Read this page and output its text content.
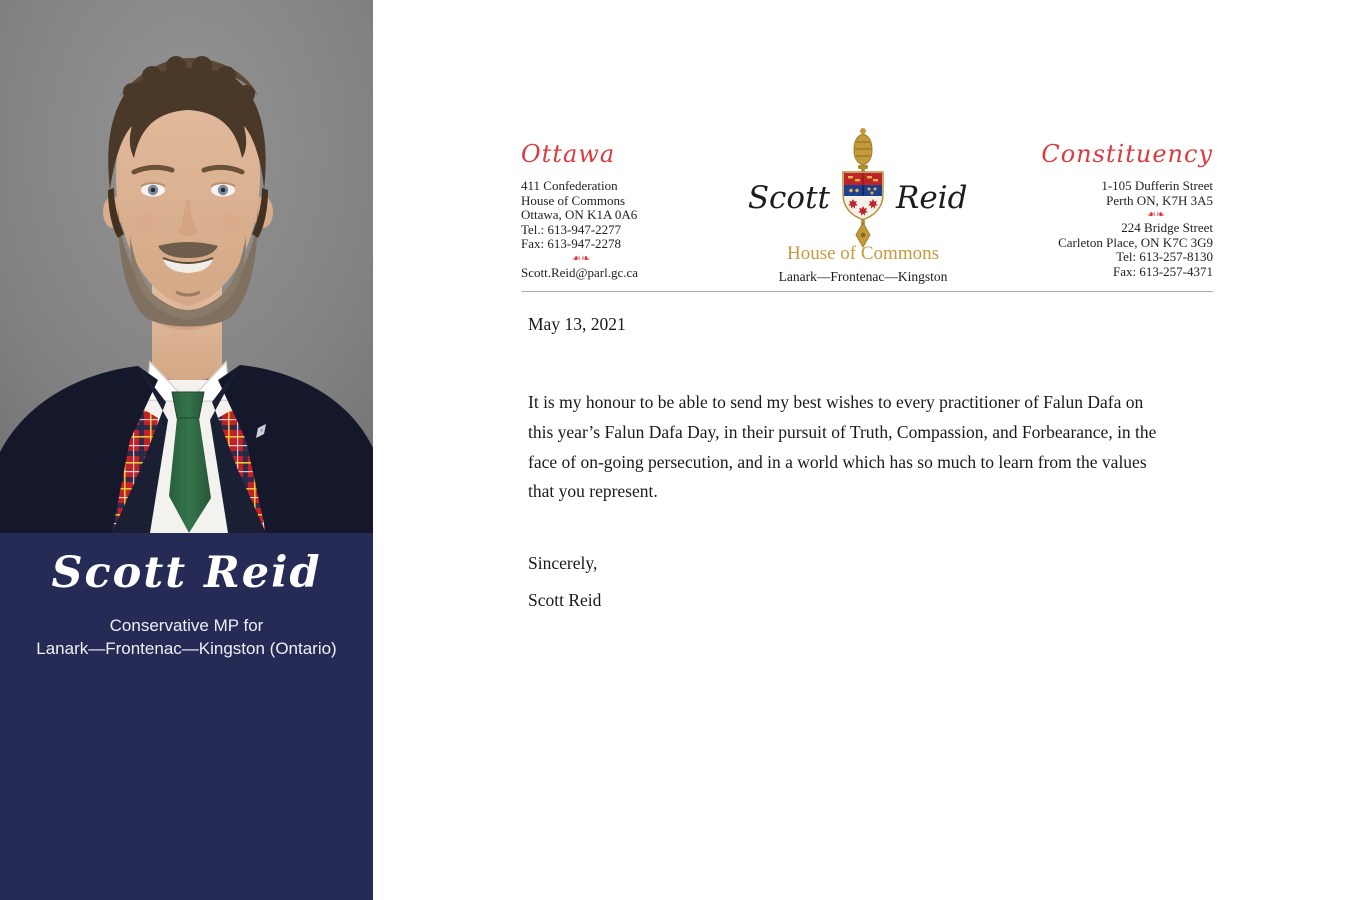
Scott Reid
Conservative MP for
Lanark—Frontenac—Kingston (Ontario)
Ottawa
411 Confederation
House of Commons
Ottawa, ON K1A 0A6
Tel.: 613-947-2277
Fax: 613-947-2278
❧❧
Scott.Reid@parl.gc.ca
Scott Reid
House of Commons
Lanark—Frontenac—Kingston
Constituency
1-105 Dufferin Street
Perth ON, K7H 3A5
❧❧
224 Bridge Street
Carleton Place, ON K7C 3G9
Tel: 613-257-8130
Fax: 613-257-4371
May 13, 2021
It is my honour to be able to send my best wishes to every practitioner of Falun Dafa on
this year’s Falun Dafa Day, in their pursuit of Truth, Compassion, and Forbearance, in the
face of on-going persecution, and in a world which has so much to learn from the values
that you represent.
Sincerely,
Scott Reid
